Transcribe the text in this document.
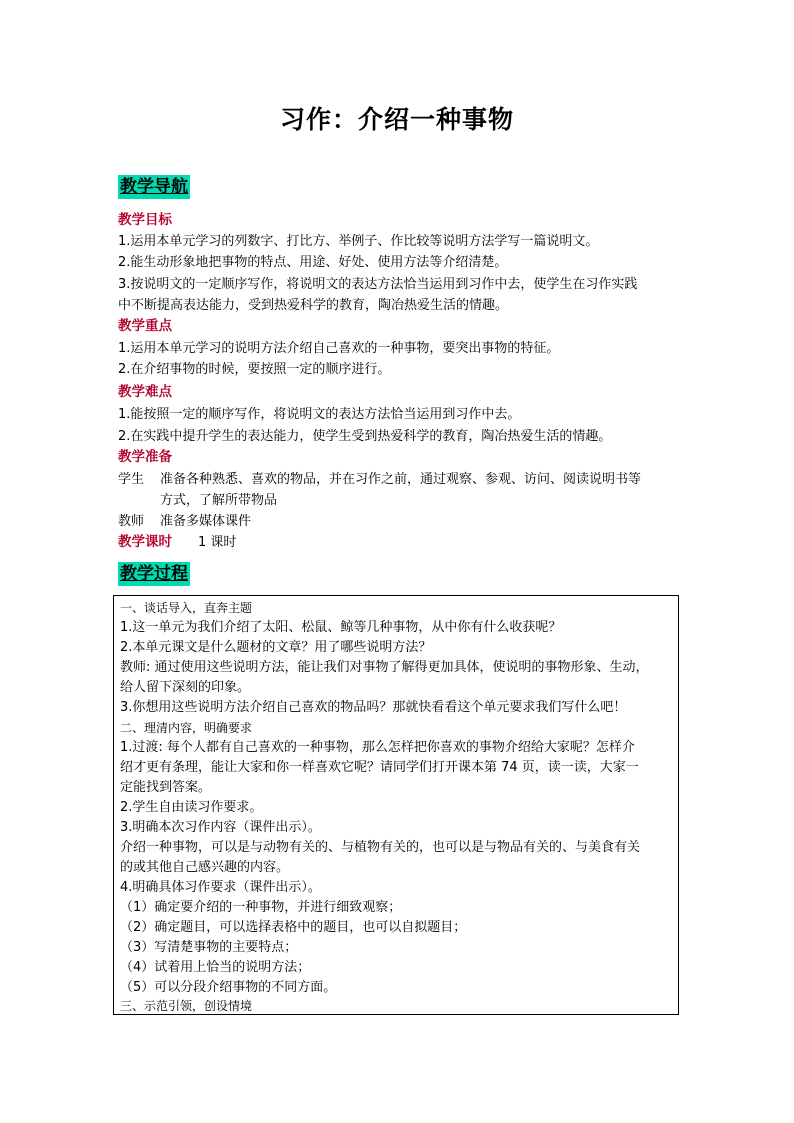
习作：介绍一种事物
教学导航
教学目标
1.运用本单元学习的列数字、打比方、举例子、作比较等说明方法学写一篇说明文。
2.能生动形象地把事物的特点、用途、好处、使用方法等介绍清楚。
3.按说明文的一定顺序写作，将说明文的表达方法恰当运用到习作中去，使学生在习作实践
中不断提高表达能力，受到热爱科学的教育，陶冶热爱生活的情趣。
教学重点
1.运用本单元学习的说明方法介绍自己喜欢的一种事物，要突出事物的特征。
2.在介绍事物的时候，要按照一定的顺序进行。
教学难点
1.能按照一定的顺序写作，将说明文的表达方法恰当运用到习作中去。
2.在实践中提升学生的表达能力，使学生受到热爱科学的教育，陶冶热爱生活的情趣。
教学准备
学生	准备各种熟悉、喜欢的物品，并在习作之前，通过观察、参观、访问、阅读说明书等
方式，了解所带物品
教师	准备多媒体课件
教学课时 1 课时
教学过程
一、谈话导入，直奔主题
1.这一单元为我们介绍了太阳、松鼠、鲸等几种事物，从中你有什么收获呢？
2.本单元课文是什么题材的文章？用了哪些说明方法？
教师: 通过使用这些说明方法，能让我们对事物了解得更加具体，使说明的事物形象、生动，
给人留下深刻的印象。
3.你想用这些说明方法介绍自己喜欢的物品吗？那就快看看这个单元要求我们写什么吧！
二、理清内容，明确要求
1.过渡: 每个人都有自己喜欢的一种事物，那么怎样把你喜欢的事物介绍给大家呢？怎样介
绍才更有条理，能让大家和你一样喜欢它呢？请同学们打开课本第 74 页，读一读，大家一
定能找到答案。
2.学生自由读习作要求。
3.明确本次习作内容（课件出示）。
介绍一种事物，可以是与动物有关的、与植物有关的，也可以是与物品有关的、与美食有关
的或其他自己感兴趣的内容。
4.明确具体习作要求（课件出示）。
（1）确定要介绍的一种事物，并进行细致观察；
（2）确定题目，可以选择表格中的题目，也可以自拟题目；
（3）写清楚事物的主要特点；
（4）试着用上恰当的说明方法；
（5）可以分段介绍事物的不同方面。
三、示范引领，创设情境
